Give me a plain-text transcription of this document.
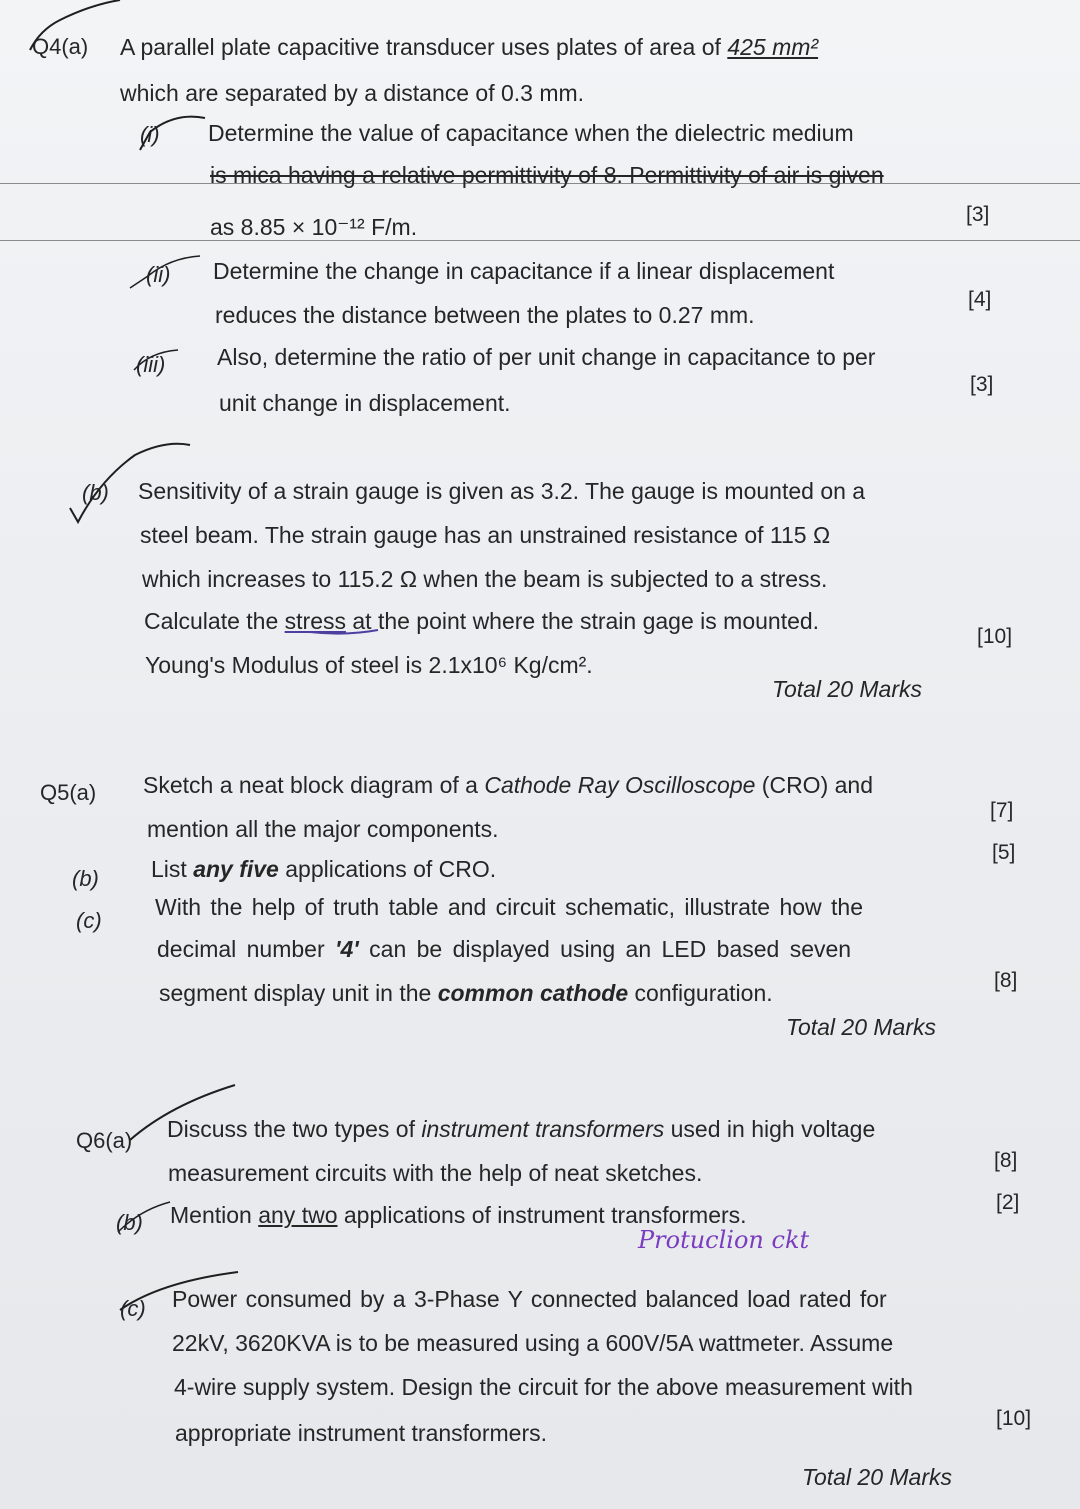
Q4(a) A parallel plate capacitive transducer uses plates of area of 425 mm²
which are separated by a distance of 0.3 mm.
(i) Determine the value of capacitance when the dielectric medium
is mica having a relative permittivity of 8. Permittivity of air is given
as 8.85 × 10⁻¹² F/m.	[3]
(ii) Determine the change in capacitance if a linear displacement
reduces the distance between the plates to 0.27 mm.
[4]
(iii) Also, determine the ratio of per unit change in capacitance to per
unit change in displacement.
[3]
(b) Sensitivity of a strain gauge is given as 3.2. The gauge is mounted on a
steel beam. The strain gauge has an unstrained resistance of 115 Ω
which increases to 115.2 Ω when the beam is subjected to a stress.
Calculate the stress at the point where the strain gage is mounted.
Young's Modulus of steel is 2.1x10⁶ Kg/cm².
[10]
Total 20 Marks
Q5(a) Sketch a neat block diagram of a Cathode Ray Oscilloscope (CRO) and
mention all the major components.
[7]
(b) List any five applications of CRO.
[5]
(c)
With the help of truth table and circuit schematic, illustrate how the
decimal number '4' can be displayed using an LED based seven
segment display unit in the common cathode configuration.	[8]
Total 20 Marks
Q6(a) Discuss the two types of instrument transformers used in high voltage
measurement circuits with the help of neat sketches.	[8]
(b) Mention any two applications of instrument transformers.	[2]
Protuclion ckt
(c) Power consumed by a 3-Phase Y connected balanced load rated for
22kV, 3620KVA is to be measured using a 600V/5A wattmeter. Assume
4-wire supply system. Design the circuit for the above measurement with
appropriate instrument transformers.
[10]
Total 20 Marks
